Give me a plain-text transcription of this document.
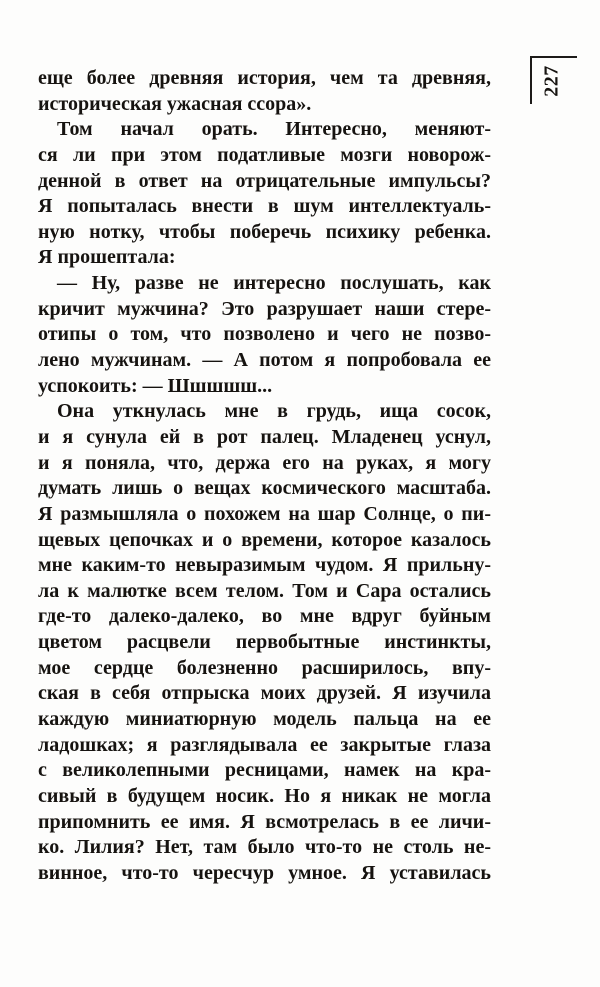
227
еще более древняя история, чем та древняя,
историческая ужасная ссора».
Том начал орать. Интересно, меняют-
ся ли при этом податливые мозги новорож-
денной в ответ на отрицательные импульсы?
Я попыталась внести в шум интеллектуаль-
ную нотку, чтобы поберечь психику ребенка.
Я прошептала:
— Ну, разве не интересно послушать, как
кричит мужчина? Это разрушает наши стере-
отипы о том, что позволено и чего не позво-
лено мужчинам. — А потом я попробовала ее
успокоить: — Шшшшш...
Она уткнулась мне в грудь, ища сосок,
и я сунула ей в рот палец. Младенец уснул,
и я поняла, что, держа его на руках, я могу
думать лишь о вещах космического масштаба.
Я размышляла о похожем на шар Солнце, о пи-
щевых цепочках и о времени, которое казалось
мне каким-то невыразимым чудом. Я прильну-
ла к малютке всем телом. Том и Сара остались
где-то далеко-далеко, во мне вдруг буйным
цветом расцвели первобытные инстинкты,
мое сердце болезненно расширилось, впу-
ская в себя отпрыска моих друзей. Я изучила
каждую миниатюрную модель пальца на ее
ладошках; я разглядывала ее закрытые глаза
с великолепными ресницами, намек на кра-
сивый в будущем носик. Но я никак не могла
припомнить ее имя. Я всмотрелась в ее личи-
ко. Лилия? Нет, там было что-то не столь не-
винное, что-то чересчур умное. Я уставилась
